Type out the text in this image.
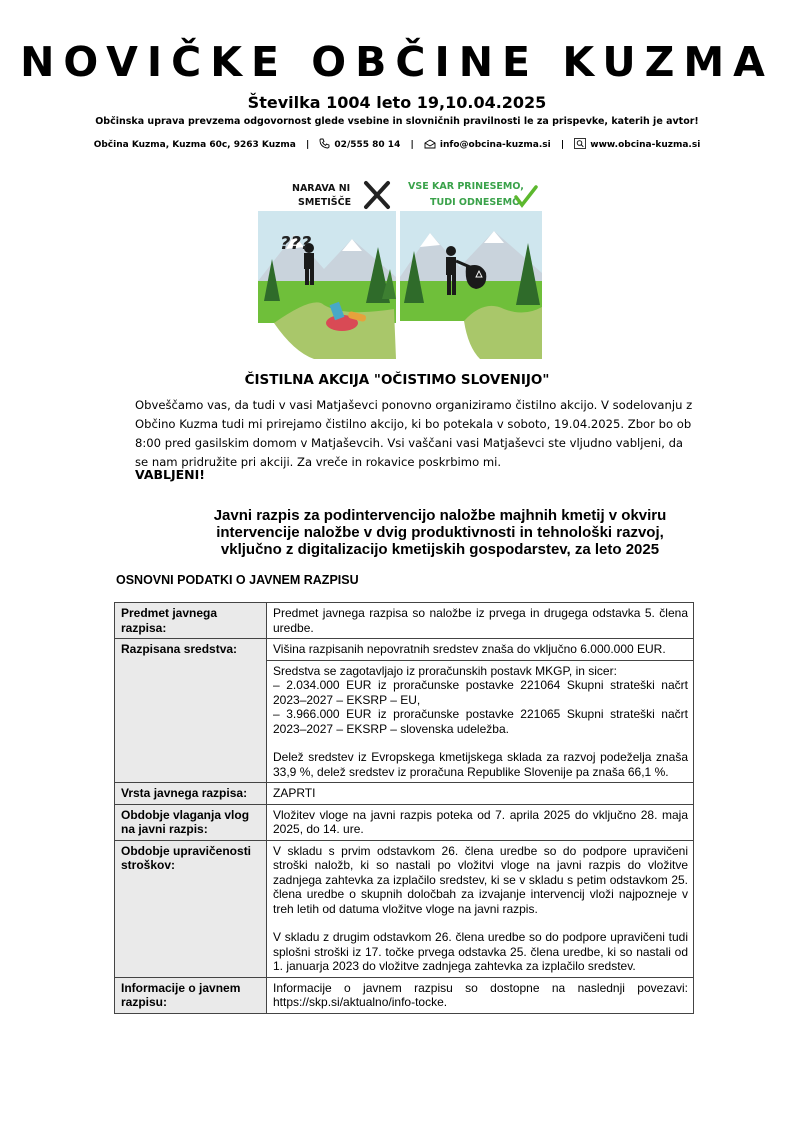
NOVIČKE OBČINE KUZMA
Številka 1004 leto 19,10.04.2025
Občinska uprava prevzema odgovornost glede vsebine in slovničnih pravilnosti le za prispevke, katerih je avtor!
Občina Kuzma, Kuzma 60c, 9263 Kuzma |	02/555 80 14 |	info@obcina-kuzma.si |	www.obcina-kuzma.si
???
NARAVA NI
SMETIŠČE
VSE KAR PRINESEMO,
TUDI ODNESEMO
ČISTILNA AKCIJA "OČISTIMO SLOVENIJO"
Obveščamo vas, da tudi v vasi Matjaševci ponovno organiziramo čistilno akcijo. V sodelovanju z Občino Kuzma tudi mi prirejamo čistilno akcijo, ki bo potekala v soboto, 19.04.2025. Zbor bo ob 8:00 pred gasilskim domom v Matjaševcih. Vsi vaščani vasi Matjaševci ste vljudno vabljeni, da se nam pridružite pri akciji. Za vreče in rokavice poskrbimo mi.
VABLJENI!
Javni razpis za podintervencijo naložbe majhnih kmetij v okviru
intervencije naložbe v dvig produktivnosti in tehnološki razvoj,
vključno z digitalizacijo kmetijskih gospodarstev, za leto 2025
OSNOVNI PODATKI O JAVNEM RAZPISU
Predmet javnega razpisa:	Predmet javnega razpisa so naložbe iz prvega in drugega odstavka 5. člena uredbe.
Razpisana sredstva:	Višina razpisanih nepovratnih sredstev znaša do vključno 6.000.000 EUR.

	Sredstva se zagotavljajo iz proračunskih postavk MKGP, in sicer:
– 2.034.000 EUR iz proračunske postavke 221064 Skupni strateški načrt 2023–2027 – EKSRP – EU,
– 3.966.000 EUR iz proračunske postavke 221065 Skupni strateški načrt 2023–2027 – EKSRP – slovenska udeležba.
Delež sredstev iz Evropskega kmetijskega sklada za razvoj podeželja znaša 33,9 %, delež sredstev iz proračuna Republike Slovenije pa znaša 66,1 %.

Vrsta javnega razpisa:	ZAPRTI
Obdobje vlaganja vlog na javni razpis:	Vložitev vloge na javni razpis poteka od 7. aprila 2025 do vključno 28. maja 2025, do 14. ure.
Obdobje upravičenosti stroškov:	V skladu s prvim odstavkom 26. člena uredbe so do podpore upravičeni stroški naložb, ki so nastali po vložitvi vloge na javni razpis do vložitve zadnjega zahtevka za izplačilo sredstev, ki se v skladu s petim odstavkom 25. člena uredbe o skupnih določbah za izvajanje intervencij vloži najpozneje v treh letih od datuma vložitve vloge na javni razpis.
V skladu z drugim odstavkom 26. člena uredbe so do podpore upravičeni tudi splošni stroški iz 17. točke prvega odstavka 25. člena uredbe, ki so nastali od 1. januarja 2023 do vložitve zadnjega zahtevka za izplačilo sredstev.

Informacije o javnem razpisu:	Informacije o javnem razpisu so dostopne na naslednji povezavi: https://skp.si/aktualno/info-tocke.
